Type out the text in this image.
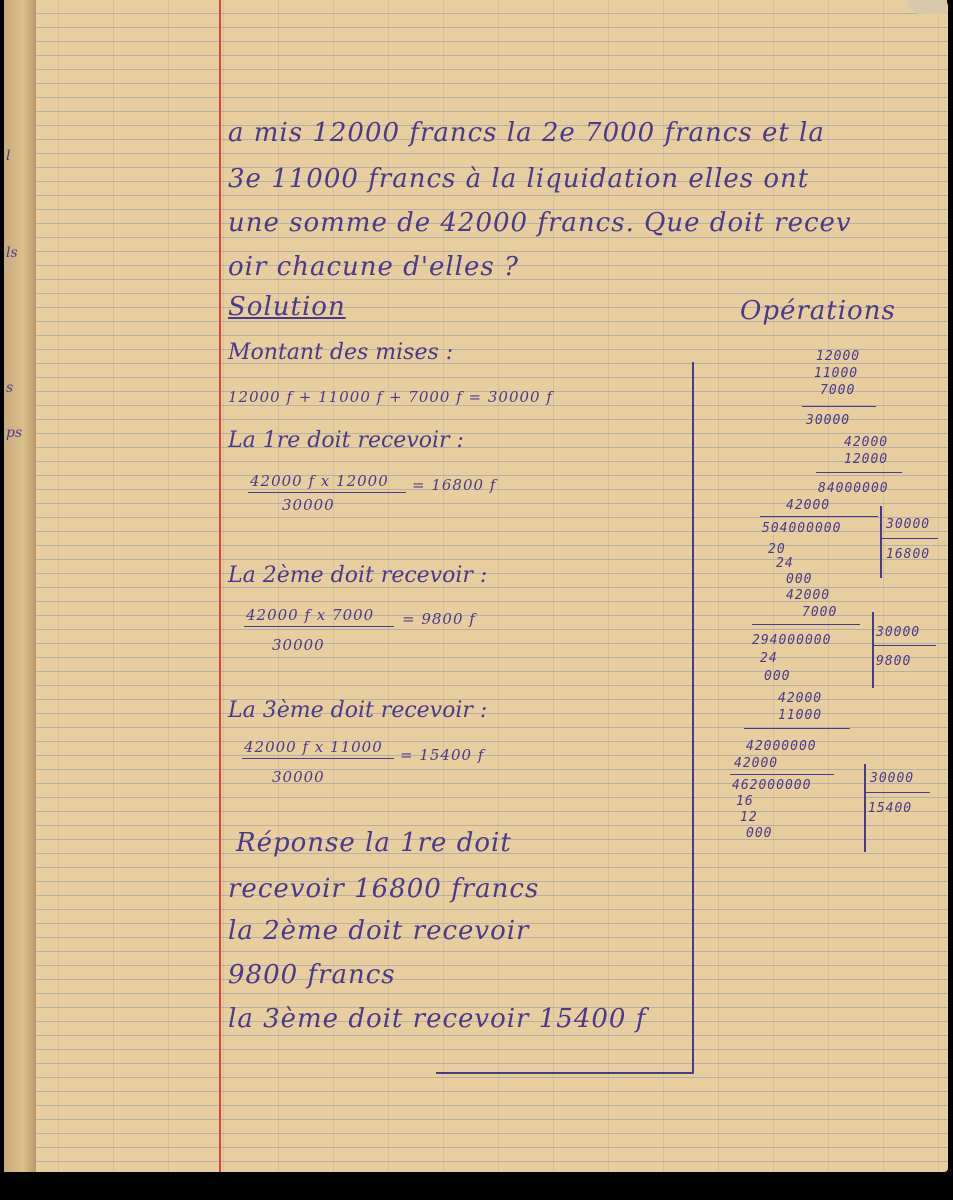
l
ls
s
ps
a mis 12000 francs la 2e 7000 francs et la
3e 11000 francs à la liquidation elles ont
une somme de 42000 francs. Que doit recev
oir chacune d'elles ?
Solution	Opérations
Montant des mises :
12000 f + 11000 f + 7000 f = 30000 f
La 1re doit recevoir :
42000 f x 12000 = 16800 f
30000
La 2ème doit recevoir :
42000 f x 7000 = 9800 f
30000
La 3ème doit recevoir :
42000 f x 11000 = 15400 f
30000
Réponse la 1re doit
recevoir 16800 francs
la 2ème doit recevoir
9800 francs
la 3ème doit recevoir 15400 f
12000
11000
7000
30000
42000
12000
84000000
42000
504000000	30000
16800
20
24
000
42000
7000
294000000
30000
9800
24
000
42000
11000
42000000
42000
462000000	30000
15400
16
12
000
